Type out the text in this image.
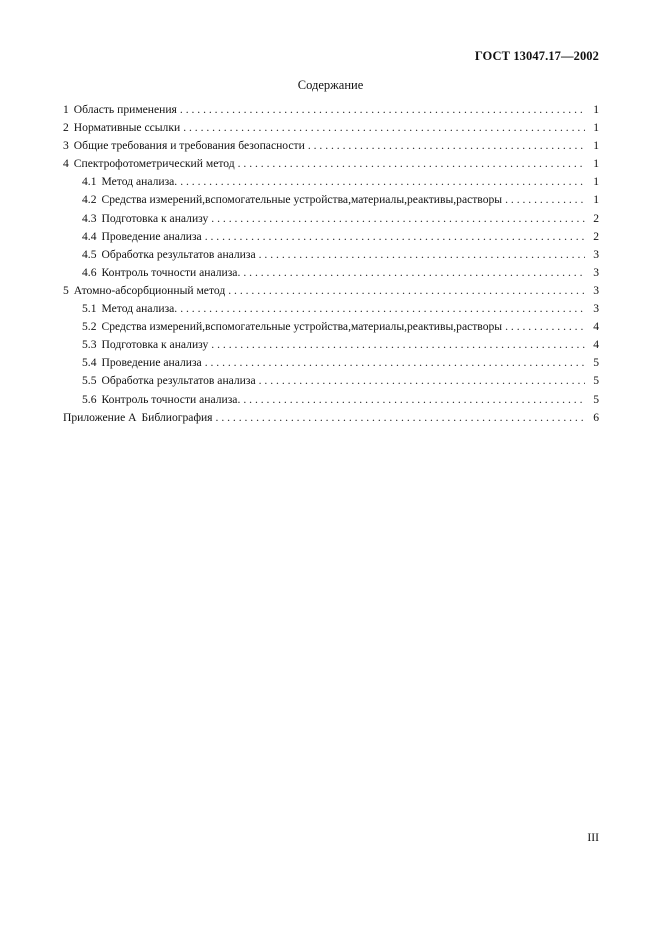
ГОСТ 13047.17—2002
Содержание
1 Область применения . . .	1
2 Нормативные ссылки . . .	1
3 Общие требования и требования безопасности . . .	1
4 Спектрофотометрический метод . . .	1
4.1 Метод анализа. . . .	1
4.2 Средства измерений,вспомогательные устройства,материалы,реактивы,растворы . . .	1
4.3 Подготовка к анализу . . .	2
4.4 Проведение анализа . . .	2
4.5 Обработка результатов анализа . . .	3
4.6 Контроль точности анализа. . . .	3
5 Атомно-абсорбционный метод . . .	3
5.1 Метод анализа. . . .	3
5.2 Средства измерений,вспомогательные устройства,материалы,реактивы,растворы . . .	4
5.3 Подготовка к анализу . . .	4
5.4 Проведение анализа . . .	5
5.5 Обработка результатов анализа . . .	5
5.6 Контроль точности анализа. . . .	5
Приложение А Библиография . . .	6
III
